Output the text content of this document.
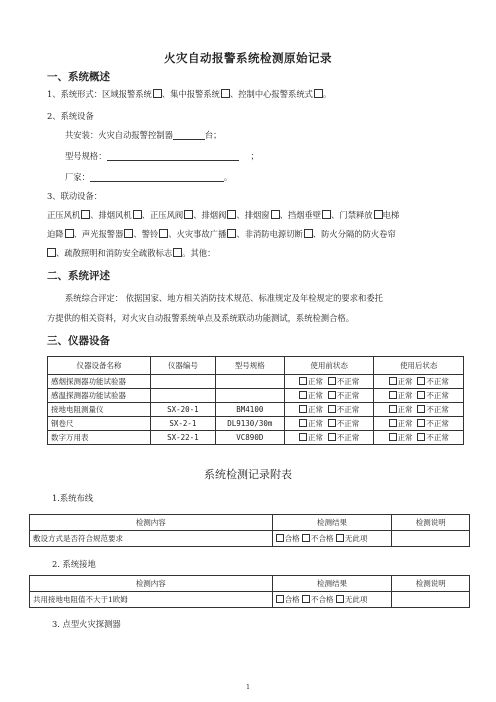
火灾自动报警系统检测原始记录
一、系统概述
1、系统形式：区域报警系统 、集中报警系统 、控制中心报警系统式 。
2、系统设备
共安装：火灾自动报警控制器	台；
型号规格：	；
厂家：	。
3、联动设备：
正压风机 、排烟风机 、正压风阀 、排烟阀 、排烟窗 、挡烟垂壁 、门禁释放 电梯
迫降 、声光报警器 、警铃 、火灾事故广播 、非消防电源切断 、防火分隔的防火卷帘
、疏散照明和消防安全疏散标志 。其他：
二、系统评述
系统综合评定： 依据国家、地方相关消防技术规范、标准规定及年检规定的要求和委托
方提供的相关资料，对火灾自动报警系统单点及系统联动功能测试，系统检测合格。
三、仪器设备
仪器设备名称	仪器编号	型号规格	使用前状态	使用后状态
感烟探测器功能试验器			正常 不正常	正常 不正常
感温探测器功能试验器			正常 不正常	正常 不正常
接地电阻测量仪	SX-20-1	BM4100	正常 不正常	正常 不正常
钢卷尺	SX-2-1	DL9130/30m	正常 不正常	正常 不正常
数字万用表	SX-22-1	VC890D	正常 不正常	正常 不正常
系统检测记录附表
1.系统布线
检测内容	检测结果	检测说明
敷设方式是否符合规范要求	合格 不合格 无此项	
2. 系统接地
检测内容	检测结果	检测说明
共用接地电阻值不大于1欧姆	合格 不合格 无此项	
3. 点型火灾探测器
1
